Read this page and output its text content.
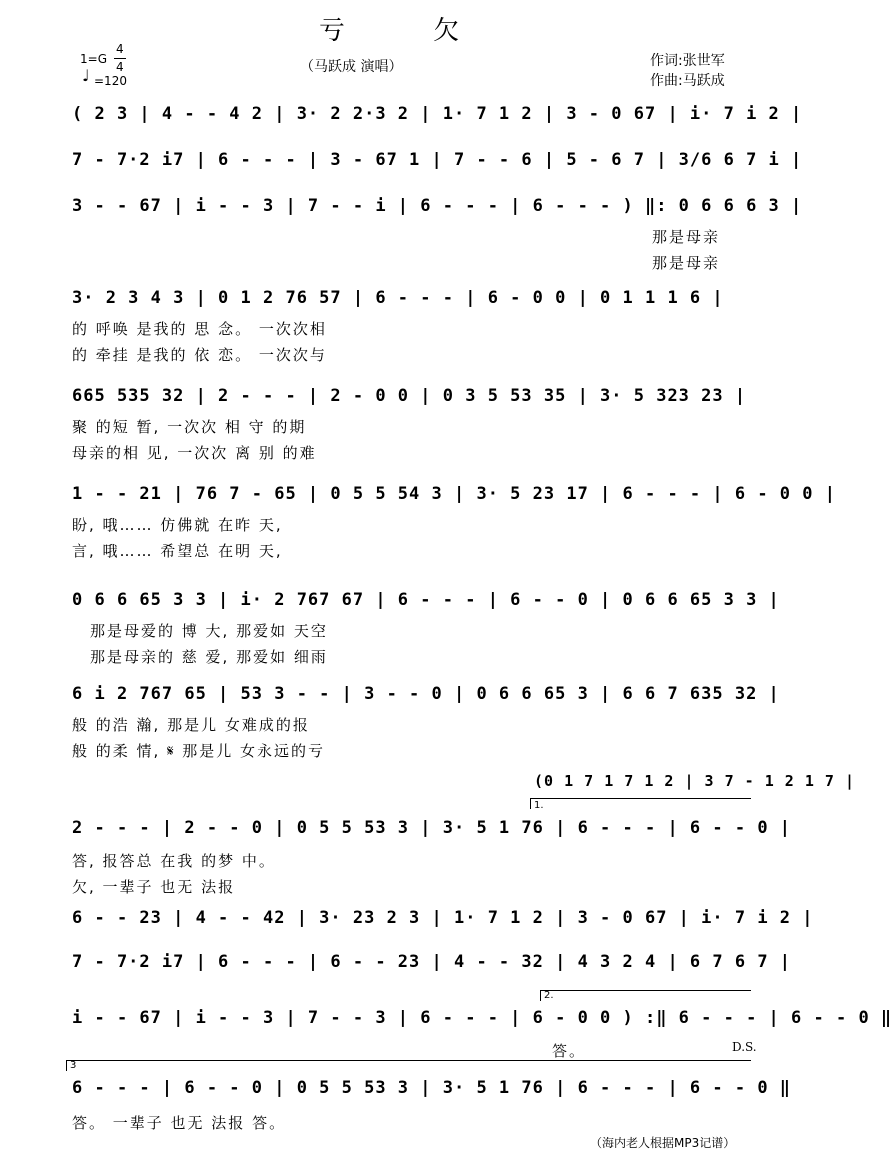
亏 欠
1=G
4
4
♩ =120
（马跃成 演唱）	作词:张世军
作曲:马跃成
( 2 3 | 4 - - 4 2 | 3· 2 2·3 2 | 1· 7 1 2 | 3 - 0 67 | i· 7 i 2 |
7 - 7·2 i7 | 6 - - - | 3 - 67 1 | 7 - - 6 | 5 - 6 7 | 3/6 6 7 i |
3 - - 67 | i - - 3 | 7 - - i | 6 - - - | 6 - - - ) ‖: 0 6 6 6 3 |
那是母亲
那是母亲
3· 2 3 4 3 | 0 1 2 76 57 | 6 - - - | 6 - 0 0 | 0 1 1 1 6 |
的 呼唤 是我的 思 念。 一次次相
的 牵挂 是我的 依 恋。 一次次与
665 535 32 | 2 - - - | 2 - 0 0 | 0 3 5 53 35 | 3· 5 323 23 |
聚 的短 暂, 一次次 相 守 的期
母亲的相 见, 一次次 离 别 的难
1 - - 21 | 76 7 - 65 | 0 5 5 54 3 | 3· 5 23 17 | 6 - - - | 6 - 0 0 |
盼, 哦…… 仿佛就 在昨 天,
言, 哦…… 希望总 在明 天,
0 6 6 65 3 3 | i· 2 767 67 | 6 - - - | 6 - - 0 | 0 6 6 65 3 3 |
那是母爱的 博 大, 那爱如 天空
那是母亲的 慈 爱, 那爱如 细雨
6 i 2 767 65 | 53 3 - - | 3 - - 0 | 0 6 6 65 3 | 6 6 7 635 32 |
般 的浩 瀚, 那是儿 女难成的报
般 的柔 情, 𝄋 那是儿 女永远的亏
(0 1 7 1 7 1 2 | 3 7 - 1 2 1 7 |
1.
2 - - - | 2 - - 0 | 0 5 5 53 3 | 3· 5 1 76 | 6 - - - | 6 - - 0 |
答, 报答总 在我 的梦 中。
欠, 一辈子 也无 法报
6 - - 23 | 4 - - 42 | 3· 23 2 3 | 1· 7 1 2 | 3 - 0 67 | i· 7 i 2 |
7 - 7·2 i7 | 6 - - - | 6 - - 23 | 4 - - 32 | 4 3 2 4 | 6 7 6 7 |
2.
i - - 67 | i - - 3 | 7 - - 3 | 6 - - - | 6 - 0 0 ) :‖ 6 - - - | 6 - - 0 ‖
答。	D.S.
3
6 - - - | 6 - - 0 | 0 5 5 53 3 | 3· 5 1 76 | 6 - - - | 6 - - 0 ‖
答。 一辈子 也无 法报 答。
（海内老人根据MP3记谱）
